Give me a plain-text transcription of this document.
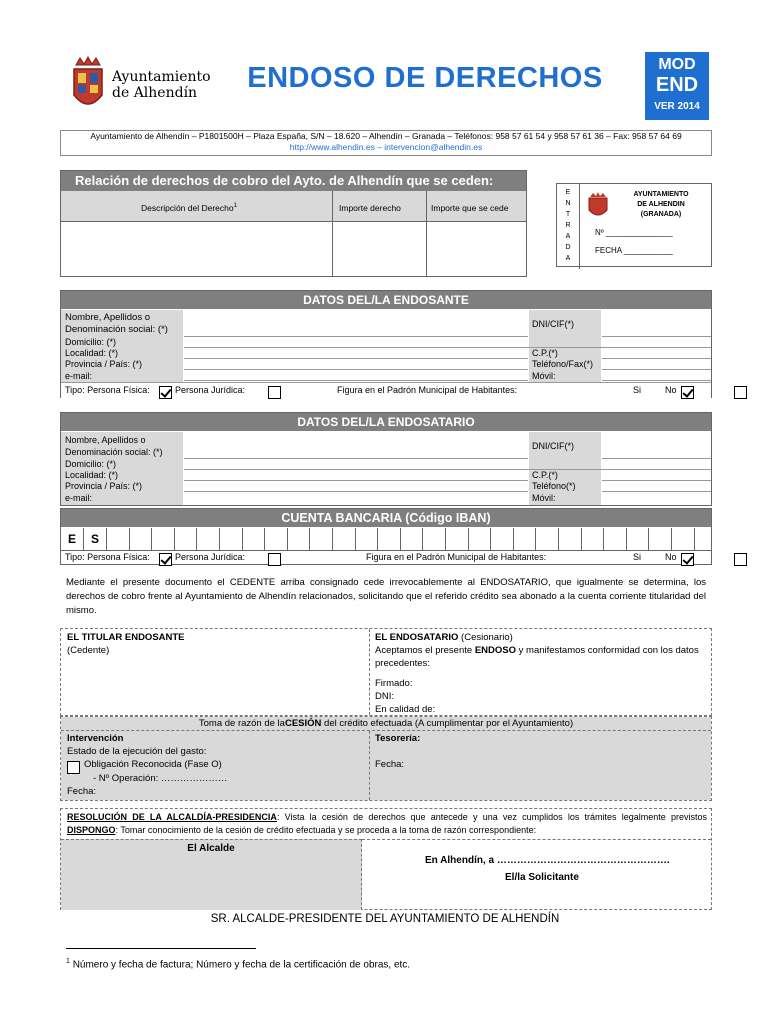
Ayuntamiento de Alhendín	ENDOSO DE DERECHOS	MOD
END
VER 2014
Ayuntamiento de Alhendín – P1801500H – Plaza España, S/N – 18.620 – Alhendín – Granada – Teléfonos: 958 57 61 54 y 958 57 61 36 – Fax: 958 57 64 69
http://www.alhendin.es – intervencion@alhendin.es
Relación de derechos de cobro del Ayto. de Alhendín que se ceden:
Descripción del Derecho$^1$	Importe derecho	Importe que se cede
E
N
T
R
A
D
A
AYUNTAMIENTO
DE ALHENDIN
(GRANADA)
Nº _______________
FECHA ___________
DATOS DEL/LA ENDOSANTE
Nombre, Apellidos o
Denominación social: (*)	DNI/CIF(*)
Domicilio: (*)
Localidad: (*)	C.P.(*)
Provincia / País: (*)	Teléfono/Fax(*)
e-mail:	Móvil:
Tipo: Persona Física:
	Persona Jurídica:
	Figura en el Padrón Municipal de Habitantes:	Si
	No
DATOS DEL/LA ENDOSATARIO
Nombre, Apellidos o
Denominación social: (*)
DNI/CIF(*)
Domicilio: (*)
Localidad: (*)	C.P.(*)
Provincia / País: (*)	Teléfono(*)
e-mail:	Móvil:
CUENTA BANCARIA (Código IBAN)
E	S
Tipo: Persona Física:
	Persona Jurídica:
	Figura en el Padrón Municipal de Habitantes:	Si
	No
Mediante el presente documento el CEDENTE arriba consignado cede irrevocablemente al ENDOSATARIO, que igualmente se determina, los derechos de cobro frente al Ayuntamiento de Alhendín relacionados, solicitando que el referido crédito sea abonado a la cuenta corriente titularidad del mismo.
EL TITULAR ENDOSANTE
(Cedente)
EL ENDOSATARIO (Cesionario)
Aceptamos el presente ENDOSO y manifestamos conformidad con los datos precedentes:
Firmado:
DNI:
En calidad de:
Toma de razón de laCESIÓN del crédito efectuada (A cumplimentar por el Ayuntamiento)
Intervención
Estado de la ejecución del gasto:
Obligación Reconocida (Fase O)
- Nº Operación: …………………
Fecha:
Tesorería:
Fecha:
RESOLUCIÓN DE LA ALCALDÍA-PRESIDENCIA: Vista la cesión de derechos que antecede y una vez cumplidos los trámites legalmente previstos DISPONGO: Tomar conocimiento de la cesión de crédito efectuada y se proceda a la toma de razón correspondiente:
El Alcalde
En Alhendín, a …………………………………………….
El/la Solicitante
SR. ALCALDE-PRESIDENTE DEL AYUNTAMIENTO DE ALHENDÍN
$^1$ Número y fecha de factura; Número y fecha de la certificación de obras, etc.
